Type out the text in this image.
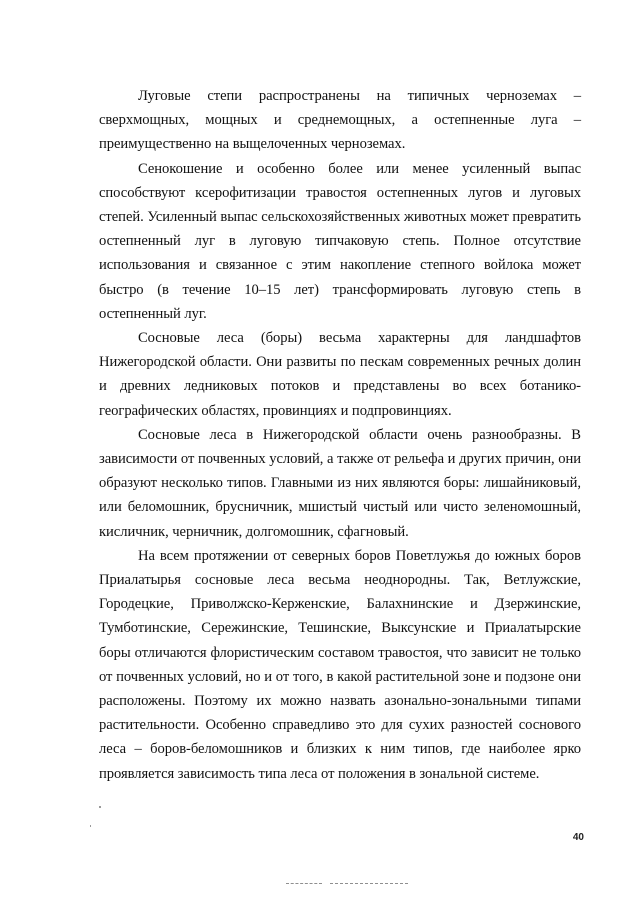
Луговые степи распространены на типичных черноземах – сверхмощных, мощных и среднемощных, а остепненные луга – преимущественно на выщелоченных черноземах.

Сенокошение и особенно более или менее усиленный выпас способствуют ксерофитизации травостоя остепненных лугов и луговых степей. Усиленный выпас сельскохозяйственных животных может превратить остепненный луг в луговую типчаковую степь. Полное отсутствие использования и связанное с этим накопление степного войлока может быстро (в течение 10–15 лет) трансформировать луговую степь в остепненный луг.

Сосновые леса (боры) весьма характерны для ландшафтов Нижегородской области. Они развиты по пескам современных речных долин и древних ледниковых потоков и представлены во всех ботанико-географических областях, провинциях и подпровинциях.

Сосновые леса в Нижегородской области очень разнообразны. В зависимости от почвенных условий, а также от рельефа и других причин, они образуют несколько типов. Главными из них являются боры: лишайниковый, или беломошник, брусничник, мшистый чистый или чисто зеленомошный, кисличник, черничник, долгомошник, сфагновый.

На всем протяжении от северных боров Поветлужья до южных боров Приалатырья сосновые леса весьма неоднородны. Так, Ветлужские, Городецкие, Приволжско-Керженские, Балахнинские и Дзержинские, Тумботинские, Сережинские, Тешинские, Выксунские и Приалатырские боры отличаются флористическим составом травостоя, что зависит не только от почвенных условий, но и от того, в какой растительной зоне и подзоне они расположены. Поэтому их можно назвать азонально-зональными типами растительности. Особенно справедливо это для сухих разностей соснового леса – боров-беломошников и близких к ним типов, где наиболее ярко проявляется зависимость типа леса от положения в зональной системе.

40
